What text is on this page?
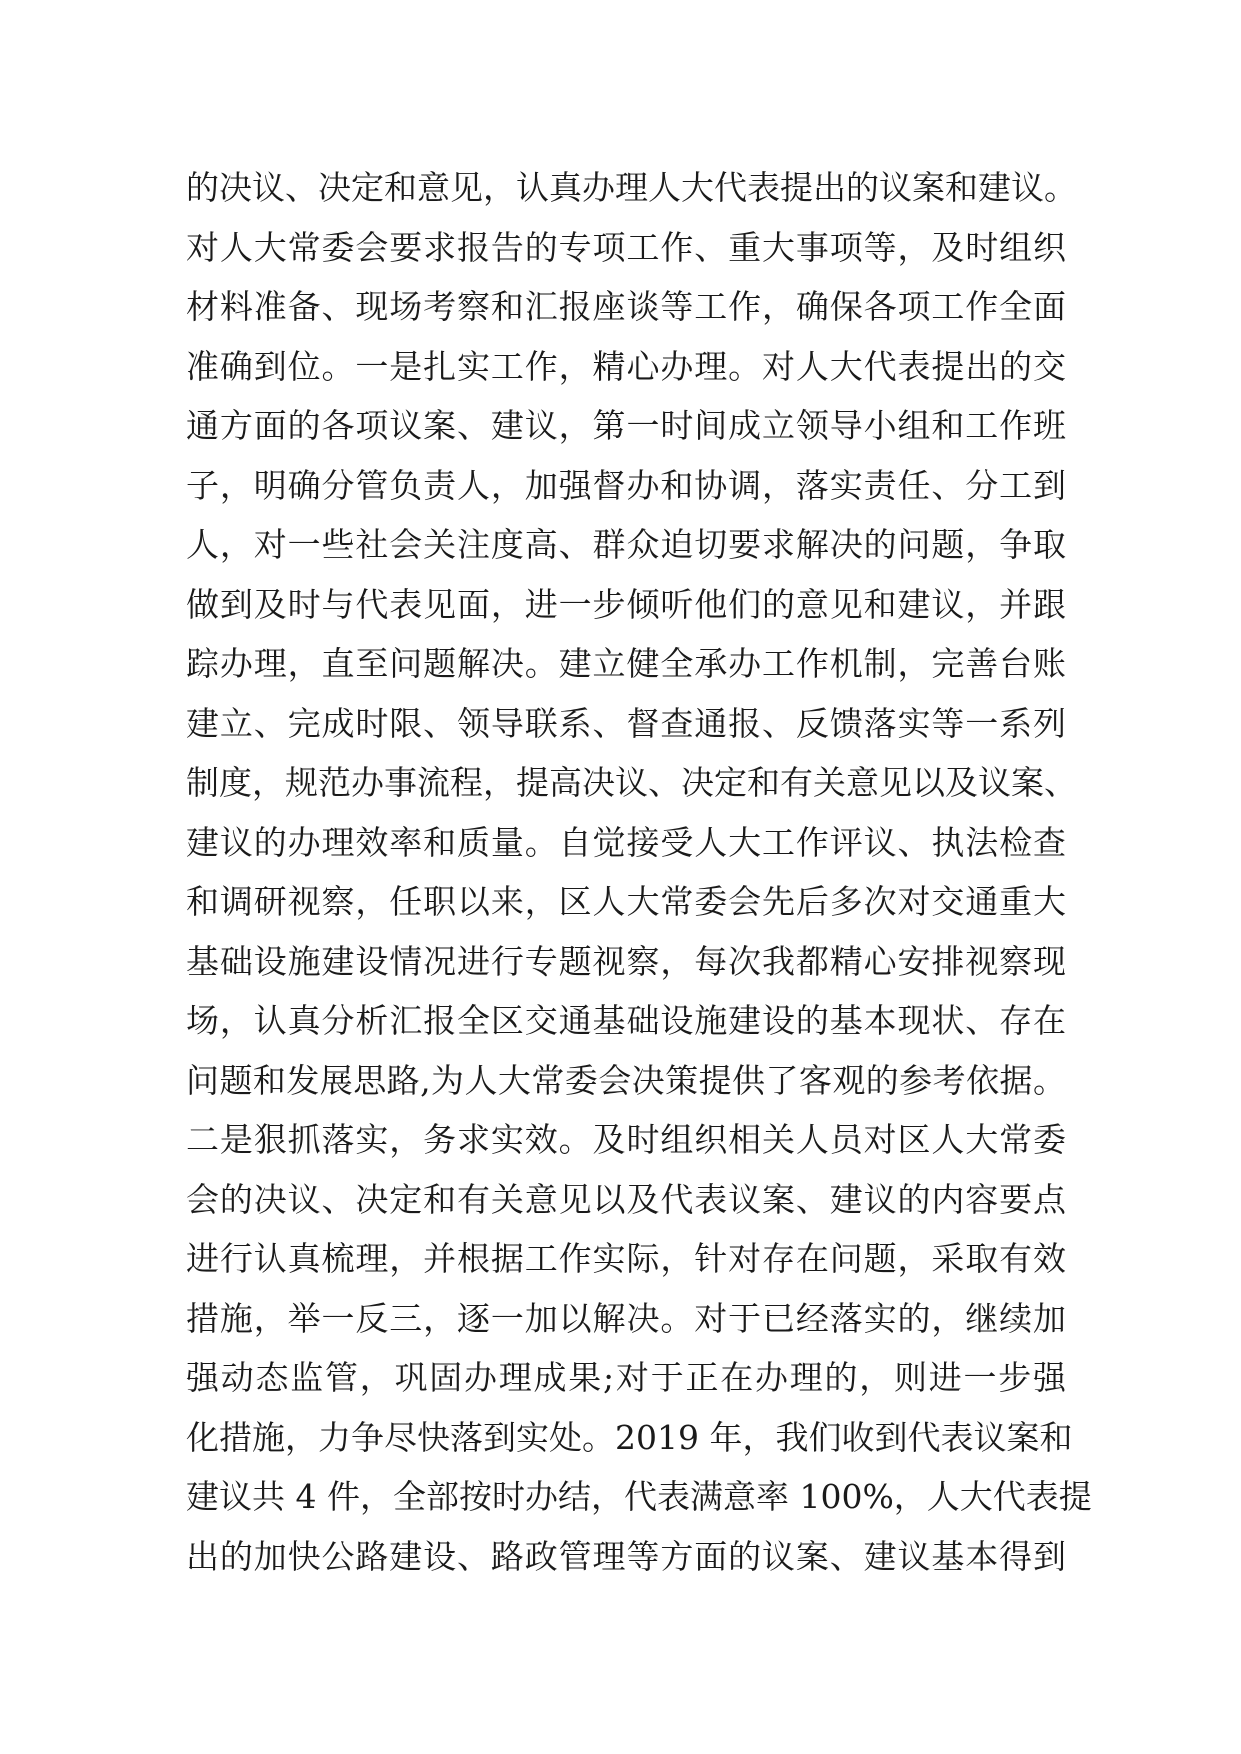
的决议、决定和意见，认真办理人大代表提出的议案和建议。
对人大常委会要求报告的专项工作、重大事项等，及时组织
材料准备、现场考察和汇报座谈等工作，确保各项工作全面
准确到位。一是扎实工作，精心办理。对人大代表提出的交
通方面的各项议案、建议，第一时间成立领导小组和工作班
子，明确分管负责人，加强督办和协调，落实责任、分工到
人，对一些社会关注度高、群众迫切要求解决的问题，争取
做到及时与代表见面，进一步倾听他们的意见和建议，并跟
踪办理，直至问题解决。建立健全承办工作机制，完善台账
建立、完成时限、领导联系、督查通报、反馈落实等一系列
制度，规范办事流程，提高决议、决定和有关意见以及议案、
建议的办理效率和质量。自觉接受人大工作评议、执法检查
和调研视察，任职以来，区人大常委会先后多次对交通重大
基础设施建设情况进行专题视察，每次我都精心安排视察现
场，认真分析汇报全区交通基础设施建设的基本现状、存在
问题和发展思路,为人大常委会决策提供了客观的参考依据。
二是狠抓落实，务求实效。及时组织相关人员对区人大常委
会的决议、决定和有关意见以及代表议案、建议的内容要点
进行认真梳理，并根据工作实际，针对存在问题，采取有效
措施，举一反三，逐一加以解决。对于已经落实的，继续加
强动态监管，巩固办理成果;对于正在办理的，则进一步强
化措施，力争尽快落到实处。2019 年，我们收到代表议案和
建议共 4 件，全部按时办结，代表满意率 100%，人大代表提
出的加快公路建设、路政管理等方面的议案、建议基本得到
